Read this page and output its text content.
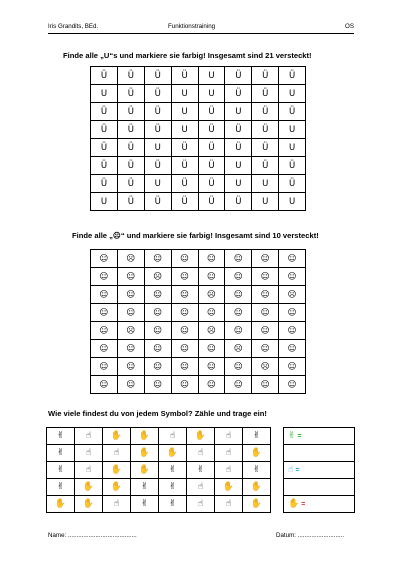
Iris Grandits, BEd.	Funktionstraining	OS
Finde alle „U“s und markiere sie farbig! Insgesamt sind 21 versteckt!
Ü	Ü	Ü	Ü	U	Ü	Ü	Ü
U	Ü	Ü	U	U	Ü	Ü	U
Ü	Ü	Ü	U	Ü	U	Ü	Ü
Ü	Ü	Ü	U	Ü	Ü	Ü	U
Ü	Ü	U	Ü	Ü	Ü	Ü	U
Ü	Ü	Ü	Ü	Ü	U	Ü	Ü
Ü	Ü	U	Ü	Ü	U	U	Ü
U	Ü	Ü	Ü	Ü	Ü	U	U
Finde alle „☹“ und markiere sie farbig! Insgesamt sind 10 versteckt!
☺	☹	☺	☺	☺	☺	☺	☺
☺	☺	☹	☺	☺	☺	☺	☺
☺	☺	☺	☺	☹	☺	☺	☹
☺	☺	☺	☺	☺	☺	☺	☺
☺	☹	☺	☺	☹	☺	☺	☺
☺	☺	☺	☺	☺	☹	☺	☺
☺	☺	☺	☺	☺	☺	☹	☺
☺	☺	☺	☺	☺	☺	☺	☺
Wie viele findest du von jedem Symbol? Zähle und trage ein!
✌	☝	✋	✋	☝	✋	☝	✌
✌	☝	☝	✋	✋	☝	☝	✋
✌	☝	✋	✋	✌	✌	☝	✌
✌	✋	✋	✌	✌	☝	✋	✋
✋	✋	☝	✌	✌	☝	☝	✋
✌ =

☝ =

✋ =
Name: ........................................	Datum: ...........................
